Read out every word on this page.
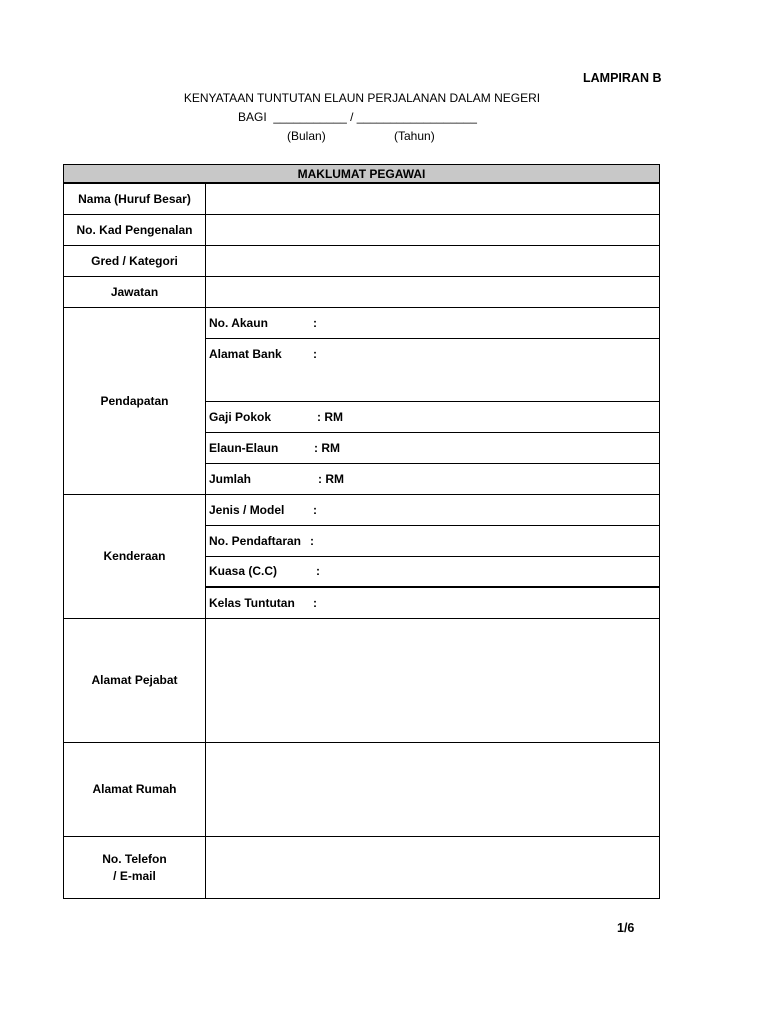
LAMPIRAN B
KENYATAAN TUNTUTAN ELAUN PERJALANAN DALAM NEGERI
BAGI  ___________ / __________________
(Bulan)	(Tahun)
MAKLUMAT PEGAWAI	
Nama (Huruf Besar)	
No. Kad Pengenalan	
Gred / Kategori	
Jawatan	
Pendapatan	No. Akaun :
	Alamat Bank :
	Gaji Pokok : RM
	Elaun-Elaun : RM
	Jumlah : RM
Kenderaan	Jenis / Model :
	No. Pendaftaran :
	Kuasa (C.C) :
	Kelas Tuntutan :
Alamat Pejabat	
Alamat Rumah	

No. Telefon
/ E-mail	

1/6
